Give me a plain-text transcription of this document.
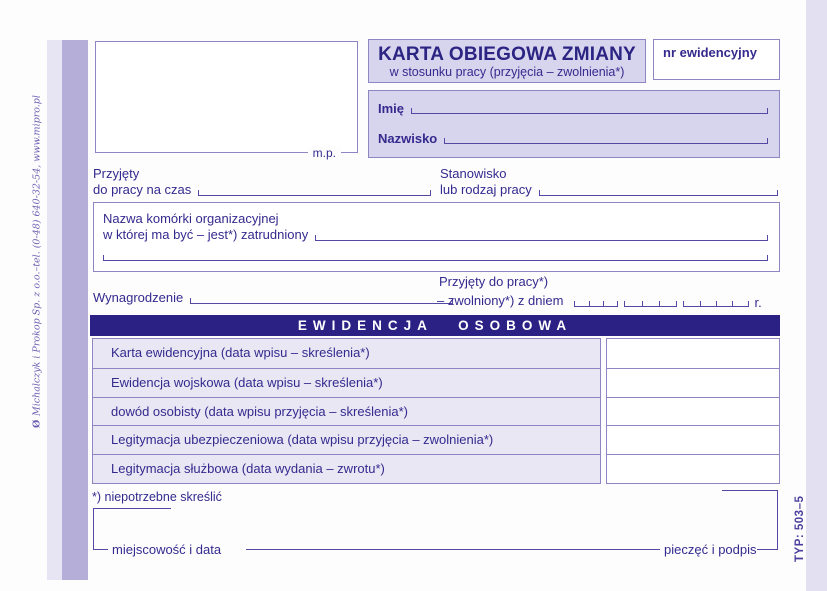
Ø
Michalczyk i Prokop Sp. z o.o.–tel. (0-48) 640-32-54, www.mipro.pl	m.p.
KARTA OBIEGOWA ZMIANY
w stosunku pracy (przyjęcia – zwolnienia*)
nr ewidencyjny
Imię
Nazwisko
Przyjęty
do pracy na czas
Stanowisko
lub rodzaj pracy
Nazwa komórki organizacyjnej
w której ma być – jest*) zatrudniony
Wynagrodzenie
Przyjęty do pracy*)
– zwolniony*) z dniem	r.
EWIDENCJA OSOBOWA
Karta ewidencyjna (data wpisu – skreślenia*)
Ewidencja wojskowa (data wpisu – skreślenia*)
dowód osobisty (data wpisu przyjęcia – skreślenia*)
Legitymacja ubezpieczeniowa (data wpisu przyjęcia – zwolnienia*)
Legitymacja służbowa (data wydania – zwrotu*)
*) niepotrzebne skreślić
miejscowość i data	pieczęć i podpis	TYP: 503–5
